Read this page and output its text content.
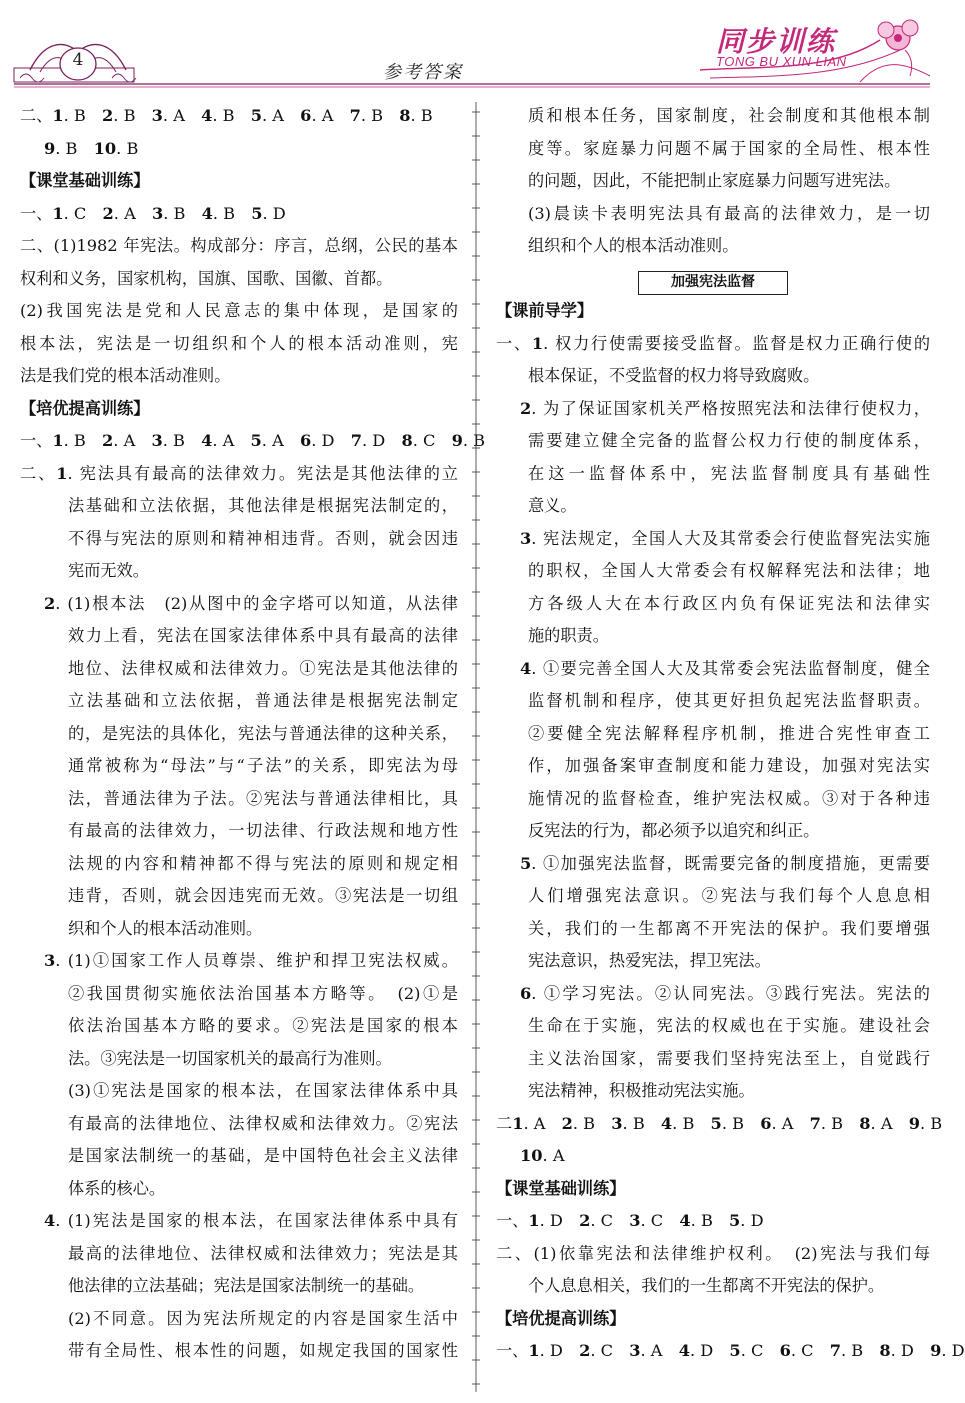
4
参考答案
同步训练
TONG BU XUN LIAN
二、1. B　2. B　3. A　4. B　5. A　6. A　7. B　8. B
9. B　10. B
【课堂基础训练】
一、1. C　2. A　3. B　4. B　5. D
二、(1)1982 年宪法。构成部分：序言，总纲，公民的基本
权利和义务，国家机构，国旗、国歌、国徽、首都。
(2)我国宪法是党和人民意志的集中体现，是国家的
根本法，宪法是一切组织和个人的根本活动准则，宪
法是我们党的根本活动准则。
【培优提高训练】
一、1. B　2. A　3. B　4. A　5. A　6. D　7. D　8. C　9. B
二、1. 宪法具有最高的法律效力。宪法是其他法律的立
法基础和立法依据，其他法律是根据宪法制定的，
不得与宪法的原则和精神相违背。否则，就会因违
宪而无效。
2. (1)根本法　(2)从图中的金字塔可以知道，从法律
效力上看，宪法在国家法律体系中具有最高的法律
地位、法律权威和法律效力。①宪法是其他法律的
立法基础和立法依据，普通法律是根据宪法制定
的，是宪法的具体化，宪法与普通法律的这种关系，
通常被称为“母法”与“子法”的关系，即宪法为母
法，普通法律为子法。②宪法与普通法律相比，具
有最高的法律效力，一切法律、行政法规和地方性
法规的内容和精神都不得与宪法的原则和规定相
违背，否则，就会因违宪而无效。③宪法是一切组
织和个人的根本活动准则。
3. (1)①国家工作人员尊崇、维护和捍卫宪法权威。
②我国贯彻实施依法治国基本方略等。　(2)①是
依法治国基本方略的要求。②宪法是国家的根本
法。③宪法是一切国家机关的最高行为准则。
(3)①宪法是国家的根本法，在国家法律体系中具
有最高的法律地位、法律权威和法律效力。②宪法
是国家法制统一的基础，是中国特色社会主义法律
体系的核心。
4. (1)宪法是国家的根本法，在国家法律体系中具有
最高的法律地位、法律权威和法律效力；宪法是其
他法律的立法基础；宪法是国家法制统一的基础。
(2)不同意。因为宪法所规定的内容是国家生活中
带有全局性、根本性的问题，如规定我国的国家性
质和根本任务，国家制度，社会制度和其他根本制
度等。家庭暴力问题不属于国家的全局性、根本性
的问题，因此，不能把制止家庭暴力问题写进宪法。
(3)晨读卡表明宪法具有最高的法律效力，是一切
组织和个人的根本活动准则。
加强宪法监督
【课前导学】
一、1. 权力行使需要接受监督。监督是权力正确行使的
根本保证，不受监督的权力将导致腐败。
2. 为了保证国家机关严格按照宪法和法律行使权力，
需要建立健全完备的监督公权力行使的制度体系，
在这一监督体系中，宪法监督制度具有基础性
意义。
3. 宪法规定，全国人大及其常委会行使监督宪法实施
的职权，全国人大常委会有权解释宪法和法律；地
方各级人大在本行政区内负有保证宪法和法律实
施的职责。
4. ①要完善全国人大及其常委会宪法监督制度，健全
监督机制和程序，使其更好担负起宪法监督职责。
②要健全宪法解释程序机制，推进合宪性审查工
作，加强备案审查制度和能力建设，加强对宪法实
施情况的监督检查，维护宪法权威。③对于各种违
反宪法的行为，都必须予以追究和纠正。
5. ①加强宪法监督，既需要完备的制度措施，更需要
人们增强宪法意识。②宪法与我们每个人息息相
关，我们的一生都离不开宪法的保护。我们要增强
宪法意识，热爱宪法，捍卫宪法。
6. ①学习宪法。②认同宪法。③践行宪法。宪法的
生命在于实施，宪法的权威也在于实施。建设社会
主义法治国家，需要我们坚持宪法至上，自觉践行
宪法精神，积极推动宪法实施。
二1. A　2. B　3. B　4. B　5. B　6. A　7. B　8. A　9. B
10. A
【课堂基础训练】
一、1. D　2. C　3. C　4. B　5. D
二、(1)依靠宪法和法律维护权利。　(2)宪法与我们每
个人息息相关，我们的一生都离不开宪法的保护。
【培优提高训练】
一、1. D　2. C　3. A　4. D　5. C　6. C　7. B　8. D　9. D
